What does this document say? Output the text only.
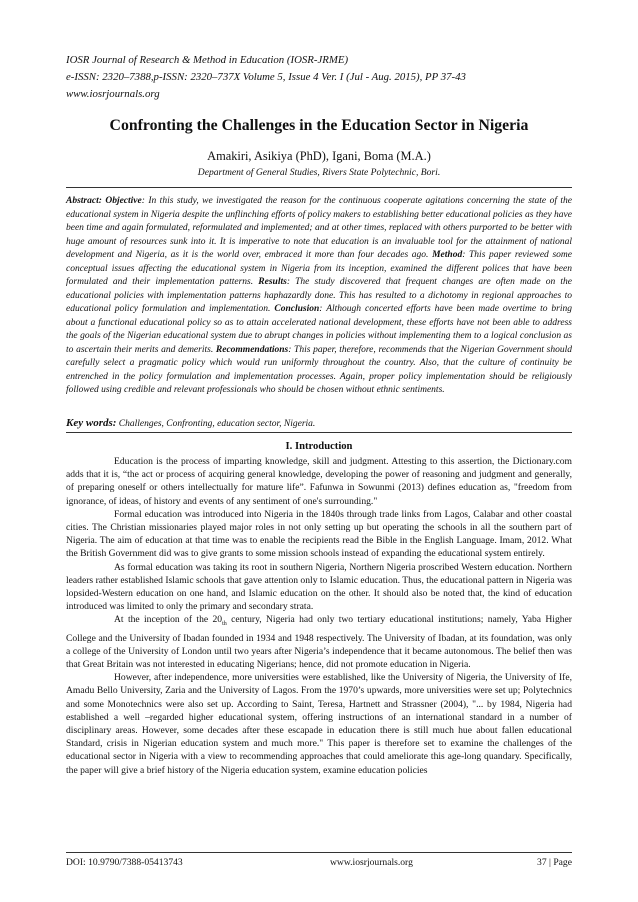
IOSR Journal of Research & Method in Education (IOSR-JRME)
e-ISSN: 2320–7388,p-ISSN: 2320–737X Volume 5, Issue 4 Ver. I (Jul - Aug. 2015), PP 37-43
www.iosrjournals.org
Confronting the Challenges in the Education Sector in Nigeria
Amakiri, Asikiya (PhD), Igani, Boma (M.A.)
Department of General Studies, Rivers State Polytechnic, Bori.
Abstract: Objective: In this study, we investigated the reason for the continuous cooperate agitations concerning the state of the educational system in Nigeria despite the unflinching efforts of policy makers to establishing better educational policies as they have been time and again formulated, reformulated and implemented; and at other times, replaced with others purported to be better with huge amount of resources sunk into it. It is imperative to note that education is an invaluable tool for the attainment of national development and Nigeria, as it is the world over, embraced it more than four decades ago. Method: This paper reviewed some conceptual issues affecting the educational system in Nigeria from its inception, examined the different polices that have been formulated and their implementation patterns. Results: The study discovered that frequent changes are often made on the educational policies with implementation patterns haphazardly done. This has resulted to a dichotomy in regional approaches to educational policy formulation and implementation. Conclusion: Although concerted efforts have been made overtime to bring about a functional educational policy so as to attain accelerated national development, these efforts have not been able to address the goals of the Nigerian educational system due to abrupt changes in policies without implementing them to a logical conclusion as to ascertain their merits and demerits. Recommendations: This paper, therefore, recommends that the Nigerian Government should carefully select a pragmatic policy which would run uniformly throughout the country. Also, that the culture of continuity be entrenched in the policy formulation and implementation processes. Again, proper policy implementation should be religiously followed using credible and relevant professionals who should be chosen without ethnic sentiments.
Key words: Challenges, Confronting, education sector, Nigeria.
I. Introduction

Education is the process of imparting knowledge, skill and judgment. Attesting to this assertion, the Dictionary.com adds that it is, “the act or process of acquiring general knowledge, developing the power of reasoning and judgment and generally, of preparing oneself or others intellectually for mature life”. Fafunwa in Sowunmi (2013) defines education as, "freedom from ignorance, of ideas, of history and events of any sentiment of one's surrounding."

Formal education was introduced into Nigeria in the 1840s through trade links from Lagos, Calabar and other coastal cities. The Christian missionaries played major roles in not only setting up but operating the schools in all the southern part of Nigeria. The aim of education at that time was to enable the recipients read the Bible in the English Language. Imam, 2012. What the British Government did was to give grants to some mission schools instead of expanding the educational system entirely.

As formal education was taking its root in southern Nigeria, Northern Nigeria proscribed Western education. Northern leaders rather established Islamic schools that gave attention only to Islamic education. Thus, the educational pattern in Nigeria was lopsided-Western education on one hand, and Islamic education on the other. It should also be noted that, the kind of education introduced was limited to only the primary and secondary strata.

At the inception of the $20_{th}$ century, Nigeria had only two tertiary educational institutions; namely, Yaba Higher College and the University of Ibadan founded in 1934 and 1948 respectively. The University of Ibadan, at its foundation, was only a college of the University of London until two years after Nigeria’s independence that it became autonomous. The belief then was that Great Britain was not interested in educating Nigerians; hence, did not promote education in Nigeria.

However, after independence, more universities were established, like the University of Nigeria, the University of Ife, Amadu Bello University, Zaria and the University of Lagos. From the 1970’s upwards, more universities were set up; Polytechnics and some Monotechnics were also set up. According to Saint, Teresa, Hartnett and Strassner (2004), "... by 1984, Nigeria had established a well –regarded higher educational system, offering instructions of an international standard in a number of disciplinary areas. However, some decades after these escapade in education there is still much hue about fallen educational Standard, crisis in Nigerian education system and much more." This paper is therefore set to examine the challenges of the educational sector in Nigeria with a view to recommending approaches that could ameliorate this age-long quandary. Specifically, the paper will give a brief history of the Nigeria education system, examine education policies

DOI: 10.9790/7388-05413743	www.iosrjournals.org	37 | Page
